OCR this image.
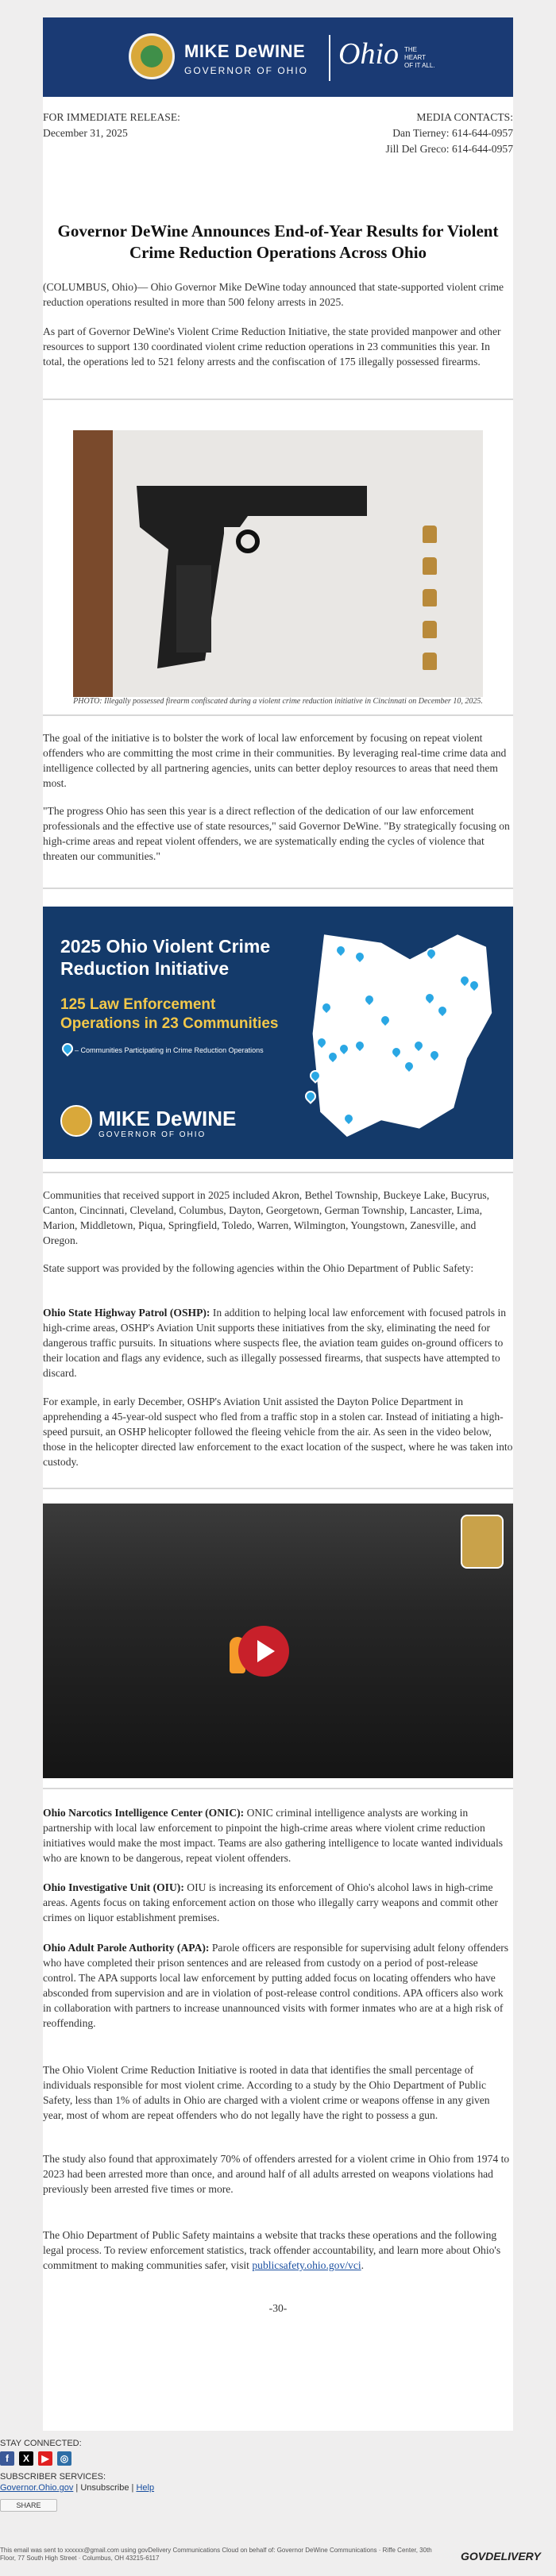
MIKE DeWINE
GOVERNOR OF OHIO Ohio THE HEART OF IT ALL.
FOR IMMEDIATE RELEASE:
December 31, 2025
MEDIA CONTACTS:
Dan Tierney: 614-644-0957
Jill Del Greco: 614-644-0957
Governor DeWine Announces End-of-Year Results for Violent Crime Reduction Operations Across Ohio
(COLUMBUS, Ohio)— Ohio Governor Mike DeWine today announced that state-supported violent crime reduction operations resulted in more than 500 felony arrests in 2025.
As part of Governor DeWine's Violent Crime Reduction Initiative, the state provided manpower and other resources to support 130 coordinated violent crime reduction operations in 23 communities this year. In total, the operations led to 521 felony arrests and the confiscation of 175 illegally possessed firearms.
PHOTO: Illegally possessed firearm confiscated during a violent crime reduction initiative in Cincinnati on December 10, 2025.
The goal of the initiative is to bolster the work of local law enforcement by focusing on repeat violent offenders who are committing the most crime in their communities. By leveraging real-time crime data and intelligence collected by all partnering agencies, units can better deploy resources to areas that need them most.
"The progress Ohio has seen this year is a direct reflection of the dedication of our law enforcement professionals and the effective use of state resources," said Governor DeWine. "By strategically focusing on high-crime areas and repeat violent offenders, we are systematically ending the cycles of violence that threaten our communities."
2025 Ohio Violent Crime
Reduction Initiative
125 Law Enforcement
Operations in 23 Communities
– Communities Participating in Crime Reduction Operations
MIKE DeWINE
GOVERNOR OF OHIO
Communities that received support in 2025 included Akron, Bethel Township, Buckeye Lake, Bucyrus, Canton, Cincinnati, Cleveland, Columbus, Dayton, Georgetown, German Township, Lancaster, Lima, Marion, Middletown, Piqua, Springfield, Toledo, Warren, Wilmington, Youngstown, Zanesville, and Oregon.
State support was provided by the following agencies within the Ohio Department of Public Safety:
Ohio State Highway Patrol (OSHP): In addition to helping local law enforcement with focused patrols in high-crime areas, OSHP's Aviation Unit supports these initiatives from the sky, eliminating the need for dangerous traffic pursuits. In situations where suspects flee, the aviation team guides on-ground officers to their location and flags any evidence, such as illegally possessed firearms, that suspects have attempted to discard.
For example, in early December, OSHP's Aviation Unit assisted the Dayton Police Department in apprehending a 45-year-old suspect who fled from a traffic stop in a stolen car. Instead of initiating a high-speed pursuit, an OSHP helicopter followed the fleeing vehicle from the air. As seen in the video below, those in the helicopter directed law enforcement to the exact location of the suspect, where he was taken into custody.
Ohio Narcotics Intelligence Center (ONIC): ONIC criminal intelligence analysts are working in partnership with local law enforcement to pinpoint the high-crime areas where violent crime reduction initiatives would make the most impact. Teams are also gathering intelligence to locate wanted individuals who are known to be dangerous, repeat violent offenders.
Ohio Investigative Unit (OIU): OIU is increasing its enforcement of Ohio's alcohol laws in high-crime areas. Agents focus on taking enforcement action on those who illegally carry weapons and commit other crimes on liquor establishment premises.
Ohio Adult Parole Authority (APA): Parole officers are responsible for supervising adult felony offenders who have completed their prison sentences and are released from custody on a period of post-release control. The APA supports local law enforcement by putting added focus on locating offenders who have absconded from supervision and are in violation of post-release control conditions. APA officers also work in collaboration with partners to increase unannounced visits with former inmates who are at a high risk of reoffending.
The Ohio Violent Crime Reduction Initiative is rooted in data that identifies the small percentage of individuals responsible for most violent crime. According to a study by the Ohio Department of Public Safety, less than 1% of adults in Ohio are charged with a violent crime or weapons offense in any given year, most of whom are repeat offenders who do not legally have the right to possess a gun.
The study also found that approximately 70% of offenders arrested for a violent crime in Ohio from 1974 to 2023 had been arrested more than once, and around half of all adults arrested on weapons violations had previously been arrested five times or more.
The Ohio Department of Public Safety maintains a website that tracks these operations and the following legal process. To review enforcement statistics, track offender accountability, and learn more about Ohio's commitment to making communities safer, visit publicsafety.ohio.gov/vci.
-30-
STAY CONNECTED:
SUBSCRIBER SERVICES:
Governor.Ohio.gov | Unsubscribe | Help
This email was sent to xxxxxx@gmail.com using govDelivery Communications Cloud on behalf of: Governor DeWine Communications · Riffe Center, 30th Floor, 77 South High Street · Columbus, OH 43215-6117
f	X	▶	◎
SHARE
GOVDELIVERY
